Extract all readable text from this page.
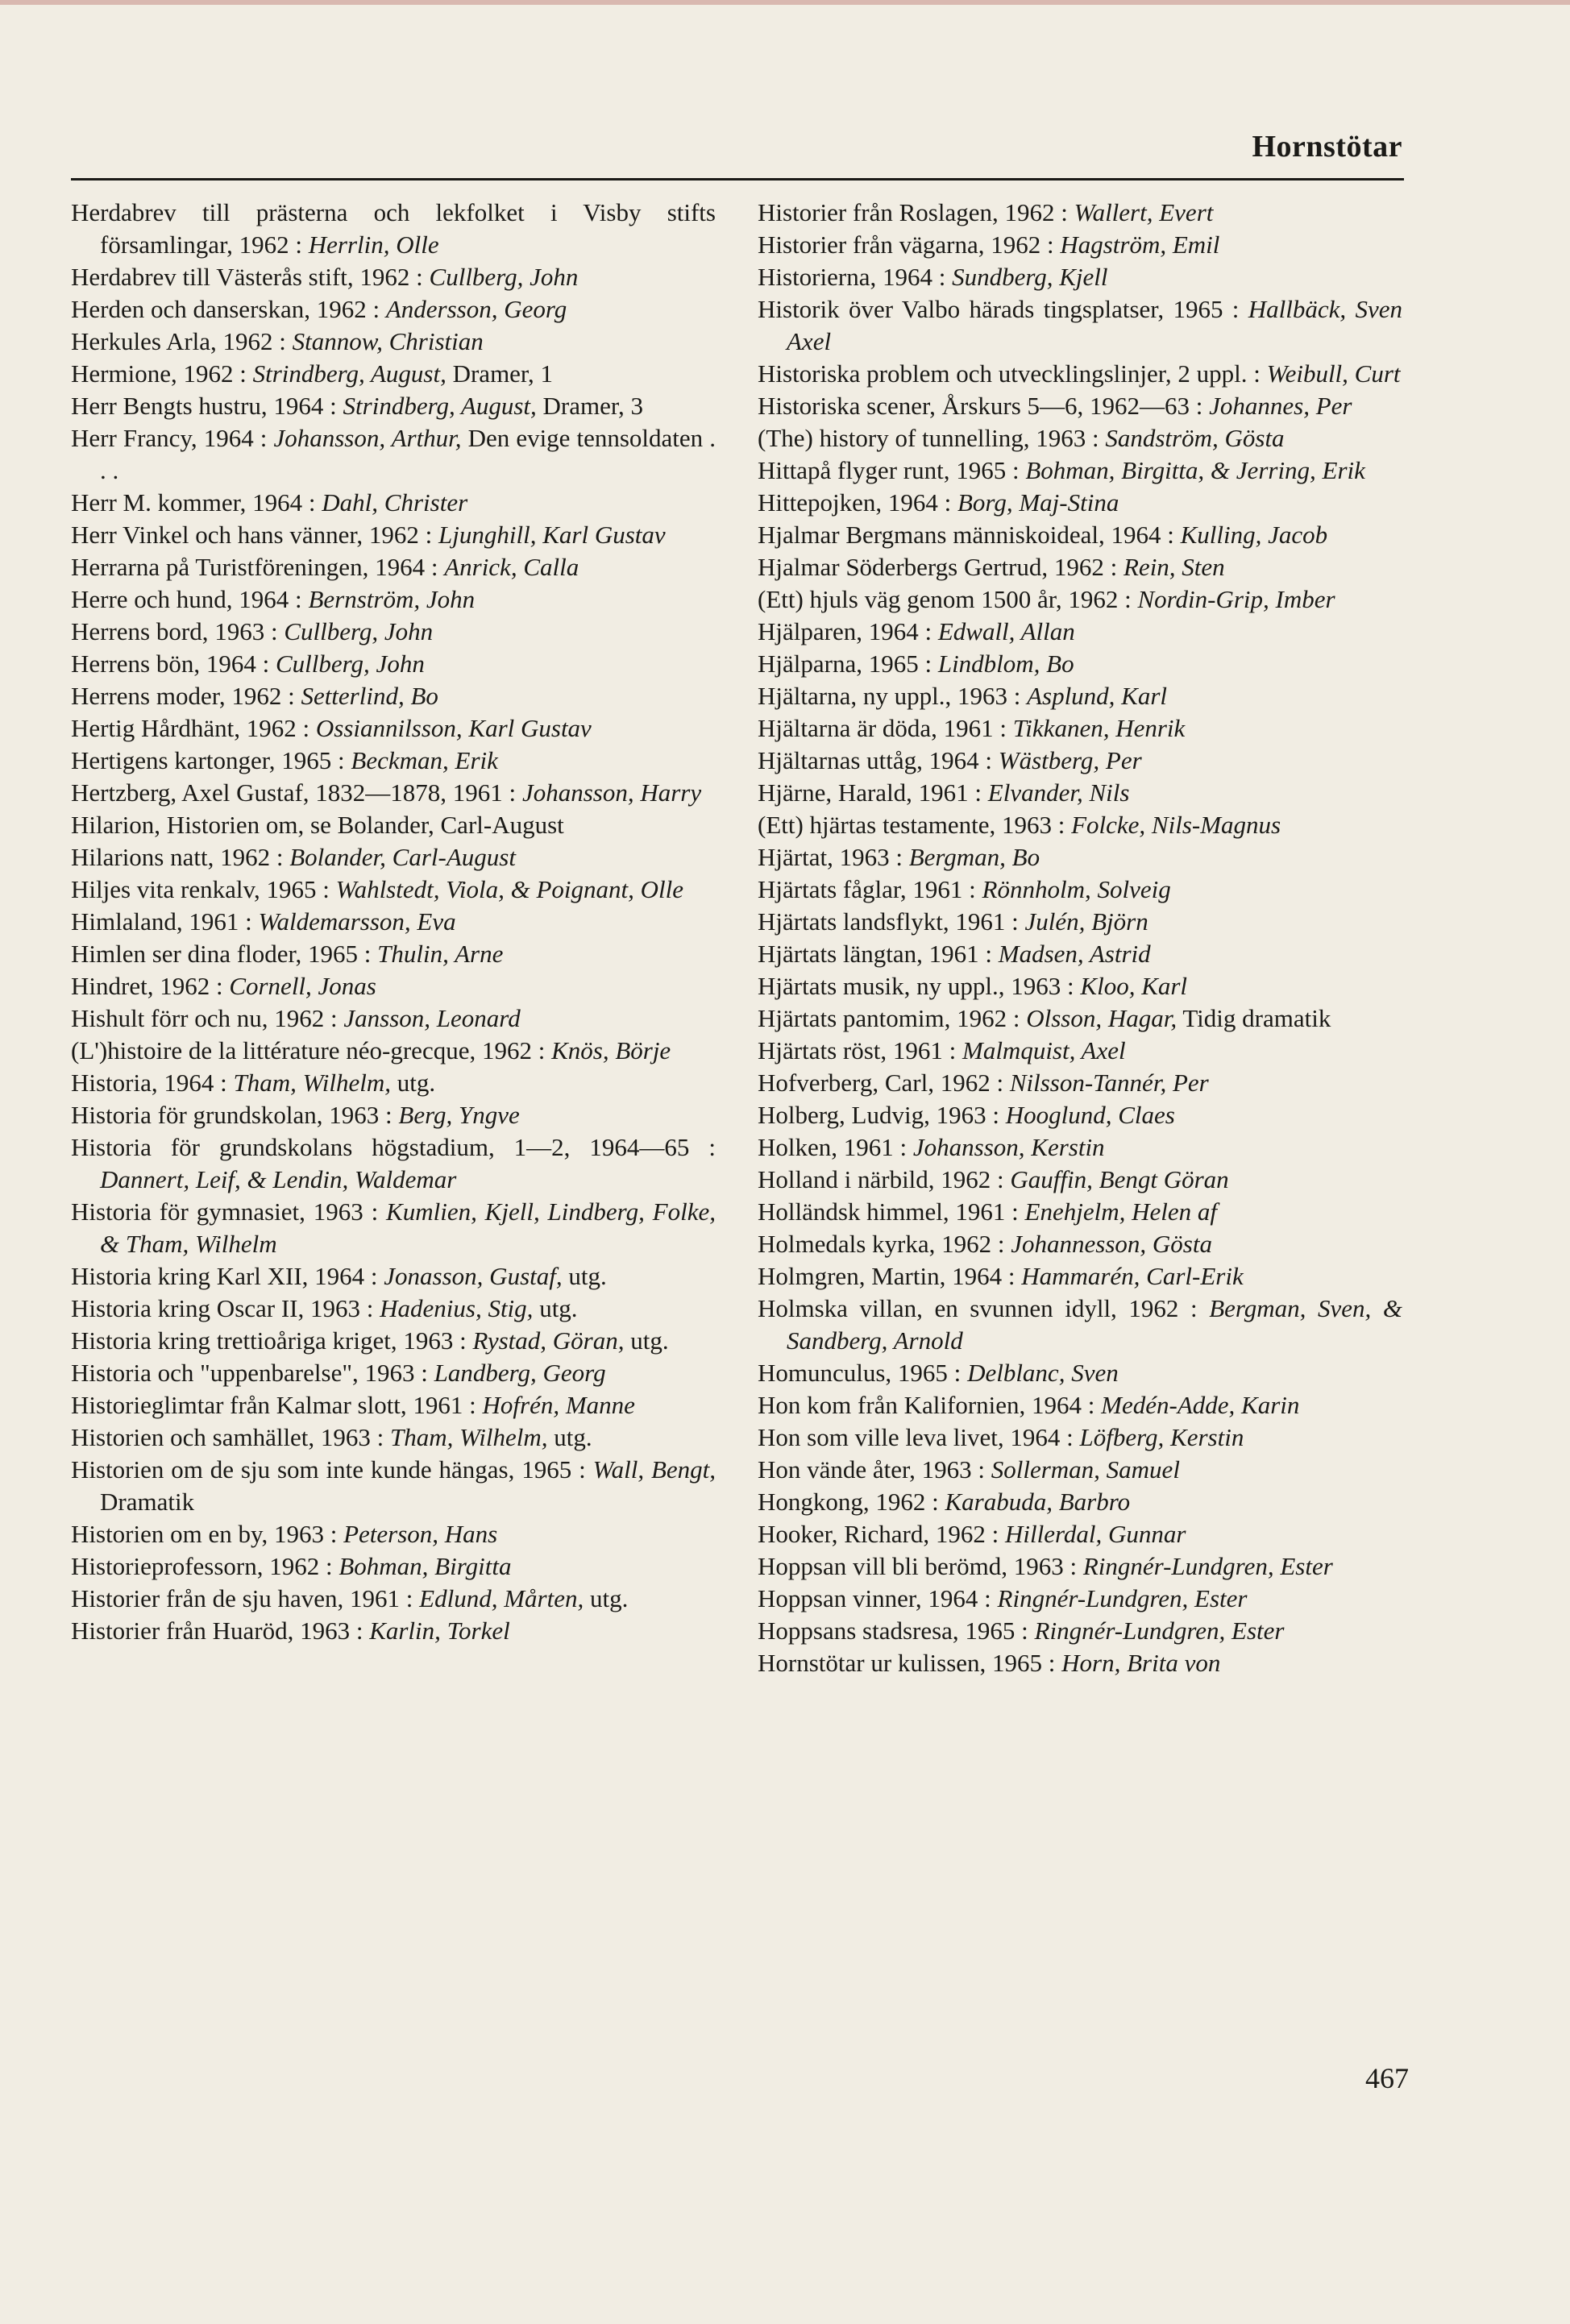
Hornstötar

Herdabrev till prästerna och lekfolket i Visby stifts församlingar, 1962 : Herrlin, Olle

Herdabrev till Västerås stift, 1962 : Cullberg, John

Herden och danserskan, 1962 : Andersson, Georg

Herkules Arla, 1962 : Stannow, Christian

Hermione, 1962 : Strindberg, August, Dramer, 1

Herr Bengts hustru, 1964 : Strindberg, August, Dramer, 3

Herr Francy, 1964 : Johansson, Arthur, Den evige tennsoldaten . . .

Herr M. kommer, 1964 : Dahl, Christer

Herr Vinkel och hans vänner, 1962 : Ljunghill, Karl Gustav

Herrarna på Turistföreningen, 1964 : Anrick, Calla

Herre och hund, 1964 : Bernström, John

Herrens bord, 1963 : Cullberg, John

Herrens bön, 1964 : Cullberg, John

Herrens moder, 1962 : Setterlind, Bo

Hertig Hårdhänt, 1962 : Ossiannilsson, Karl Gustav

Hertigens kartonger, 1965 : Beckman, Erik

Hertzberg, Axel Gustaf, 1832—1878, 1961 : Johansson, Harry

Hilarion, Historien om, se Bolander, Carl-August

Hilarions natt, 1962 : Bolander, Carl-August

Hiljes vita renkalv, 1965 : Wahlstedt, Viola, & Poignant, Olle

Himlaland, 1961 : Waldemarsson, Eva

Himlen ser dina floder, 1965 : Thulin, Arne

Hindret, 1962 : Cornell, Jonas

Hishult förr och nu, 1962 : Jansson, Leonard

(L')histoire de la littérature néo-grecque, 1962 : Knös, Börje

Historia, 1964 : Tham, Wilhelm, utg.

Historia för grundskolan, 1963 : Berg, Yngve

Historia för grundskolans högstadium, 1—2, 1964—65 : Dannert, Leif, & Lendin, Waldemar

Historia för gymnasiet, 1963 : Kumlien, Kjell, Lindberg, Folke, & Tham, Wilhelm

Historia kring Karl XII, 1964 : Jonasson, Gustaf, utg.

Historia kring Oscar II, 1963 : Hadenius, Stig, utg.

Historia kring trettioåriga kriget, 1963 : Rystad, Göran, utg.

Historia och "uppenbarelse", 1963 : Landberg, Georg

Historieglimtar från Kalmar slott, 1961 : Hofrén, Manne

Historien och samhället, 1963 : Tham, Wilhelm, utg.

Historien om de sju som inte kunde hängas, 1965 : Wall, Bengt, Dramatik

Historien om en by, 1963 : Peterson, Hans

Historieprofessorn, 1962 : Bohman, Birgitta

Historier från de sju haven, 1961 : Edlund, Mårten, utg.

Historier från Huaröd, 1963 : Karlin, Torkel

Historier från Roslagen, 1962 : Wallert, Evert

Historier från vägarna, 1962 : Hagström, Emil

Historierna, 1964 : Sundberg, Kjell

Historik över Valbo härads tingsplatser, 1965 : Hallbäck, Sven Axel

Historiska problem och utvecklingslinjer, 2 uppl. : Weibull, Curt

Historiska scener, Årskurs 5—6, 1962—63 : Johannes, Per

(The) history of tunnelling, 1963 : Sandström, Gösta

Hittapå flyger runt, 1965 : Bohman, Birgitta, & Jerring, Erik

Hittepojken, 1964 : Borg, Maj-Stina

Hjalmar Bergmans människoideal, 1964 : Kulling, Jacob

Hjalmar Söderbergs Gertrud, 1962 : Rein, Sten

(Ett) hjuls väg genom 1500 år, 1962 : Nordin-Grip, Imber

Hjälparen, 1964 : Edwall, Allan

Hjälparna, 1965 : Lindblom, Bo

Hjältarna, ny uppl., 1963 : Asplund, Karl

Hjältarna är döda, 1961 : Tikkanen, Henrik

Hjältarnas uttåg, 1964 : Wästberg, Per

Hjärne, Harald, 1961 : Elvander, Nils

(Ett) hjärtas testamente, 1963 : Folcke, Nils-Magnus

Hjärtat, 1963 : Bergman, Bo

Hjärtats fåglar, 1961 : Rönnholm, Solveig

Hjärtats landsflykt, 1961 : Julén, Björn

Hjärtats längtan, 1961 : Madsen, Astrid

Hjärtats musik, ny uppl., 1963 : Kloo, Karl

Hjärtats pantomim, 1962 : Olsson, Hagar, Tidig dramatik

Hjärtats röst, 1961 : Malmquist, Axel

Hofverberg, Carl, 1962 : Nilsson-Tannér, Per

Holberg, Ludvig, 1963 : Hooglund, Claes

Holken, 1961 : Johansson, Kerstin

Holland i närbild, 1962 : Gauffin, Bengt Göran

Holländsk himmel, 1961 : Enehjelm, Helen af

Holmedals kyrka, 1962 : Johannesson, Gösta

Holmgren, Martin, 1964 : Hammarén, Carl-Erik

Holmska villan, en svunnen idyll, 1962 : Bergman, Sven, & Sandberg, Arnold

Homunculus, 1965 : Delblanc, Sven

Hon kom från Kalifornien, 1964 : Medén-Adde, Karin

Hon som ville leva livet, 1964 : Löfberg, Kerstin

Hon vände åter, 1963 : Sollerman, Samuel

Hongkong, 1962 : Karabuda, Barbro

Hooker, Richard, 1962 : Hillerdal, Gunnar

Hoppsan vill bli berömd, 1963 : Ringnér-Lundgren, Ester

Hoppsan vinner, 1964 : Ringnér-Lundgren, Ester

Hoppsans stadsresa, 1965 : Ringnér-Lundgren, Ester

Hornstötar ur kulissen, 1965 : Horn, Brita von

467
